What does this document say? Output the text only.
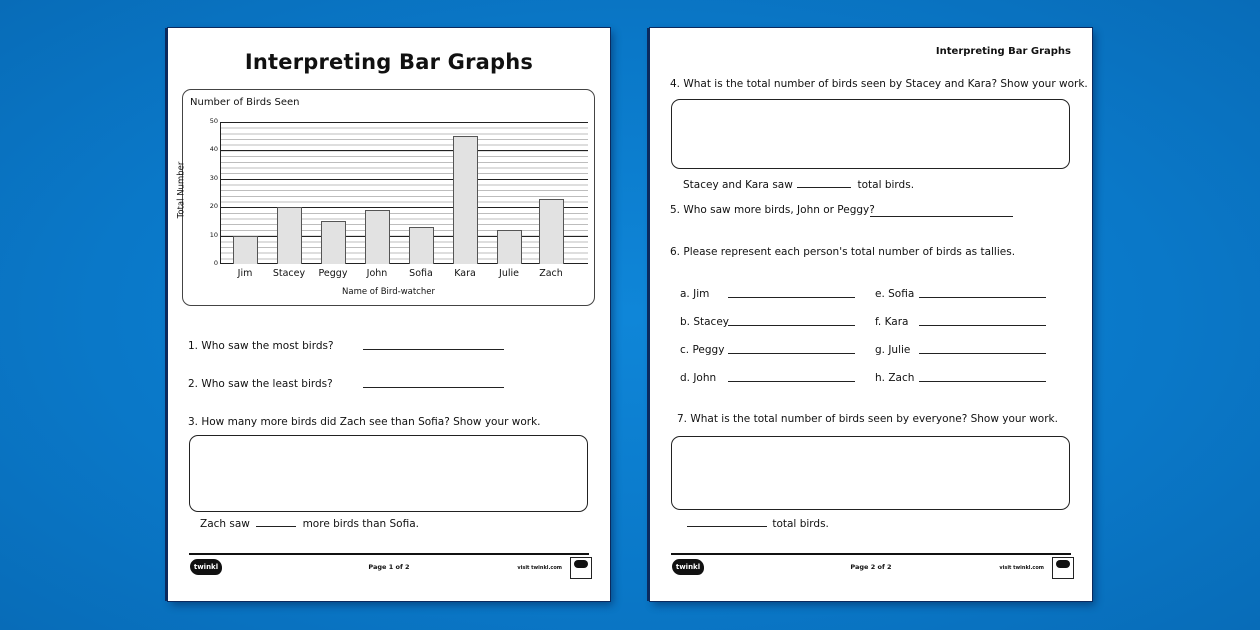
Interpreting Bar Graphs
Number of Birds Seen
Total Number
0
10
20
30
40
50
Jim	Stacey	Peggy	John	Sofia	Kara	Julie	Zach
Name of Bird-watcher
1. Who saw the most birds?
2. Who saw the least birds?
3. How many more birds did Zach see than Sofia? Show your work.
Zach saw	more birds than Sofia.
twinkl	Page 1 of 2	visit twinkl.com
Interpreting Bar Graphs
4. What is the total number of birds seen by Stacey and Kara? Show your work.
Stacey and Kara saw	total birds.
5. Who saw more birds, John or Peggy?
6. Please represent each person's total number of birds as tallies.
a. Jim
b. Stacey
c. Peggy
d. John
e. Sofia
f. Kara
g. Julie
h. Zach
7. What is the total number of birds seen by everyone? Show your work.
total birds.
twinkl	Page 2 of 2	visit twinkl.com
